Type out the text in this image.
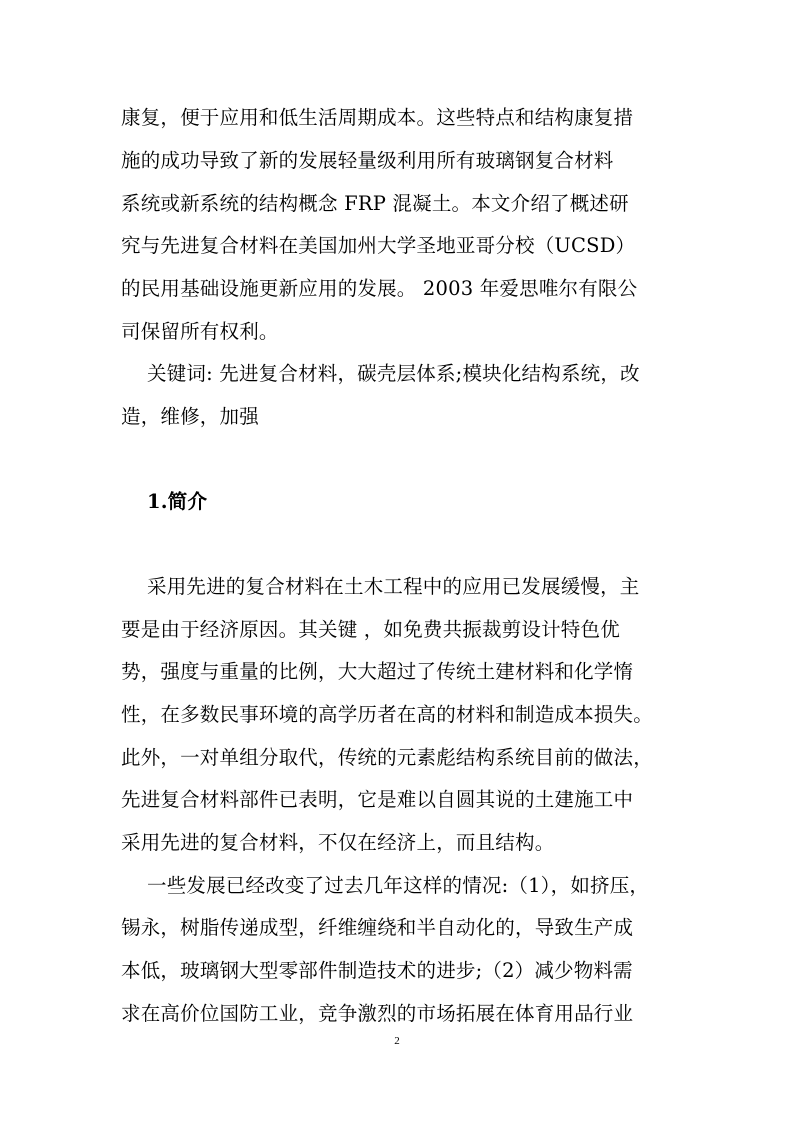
康复，便于应用和低生活周期成本。这些特点和结构康复措
施的成功导致了新的发展轻量级利用所有玻璃钢复合材料
系统或新系统的结构概念 FRP 混凝土。本文介绍了概述研
究与先进复合材料在美国加州大学圣地亚哥分校（UCSD）
的民用基础设施更新应用的发展。 2003 年爱思唯尔有限公
司保留所有权利。
关键词: 先进复合材料，碳壳层体系;模块化结构系统，改
造，维修，加强
1.简介
采用先进的复合材料在土木工程中的应用已发展缓慢，主
要是由于经济原因。其关键 ，如免费共振裁剪设计特色优
势，强度与重量的比例，大大超过了传统土建材料和化学惰
性，在多数民事环境的高学历者在高的材料和制造成本损失。
此外，一对单组分取代，传统的元素彪结构系统目前的做法，
先进复合材料部件已表明，它是难以自圆其说的土建施工中
采用先进的复合材料，不仅在经济上，而且结构。
一些发展已经改变了过去几年这样的情况:（1），如挤压，
锡永，树脂传递成型，纤维缠绕和半自动化的，导致生产成
本低，玻璃钢大型零部件制造技术的进步;（2）减少物料需
求在高价位国防工业，竞争激烈的市场拓展在体育用品行业
2
